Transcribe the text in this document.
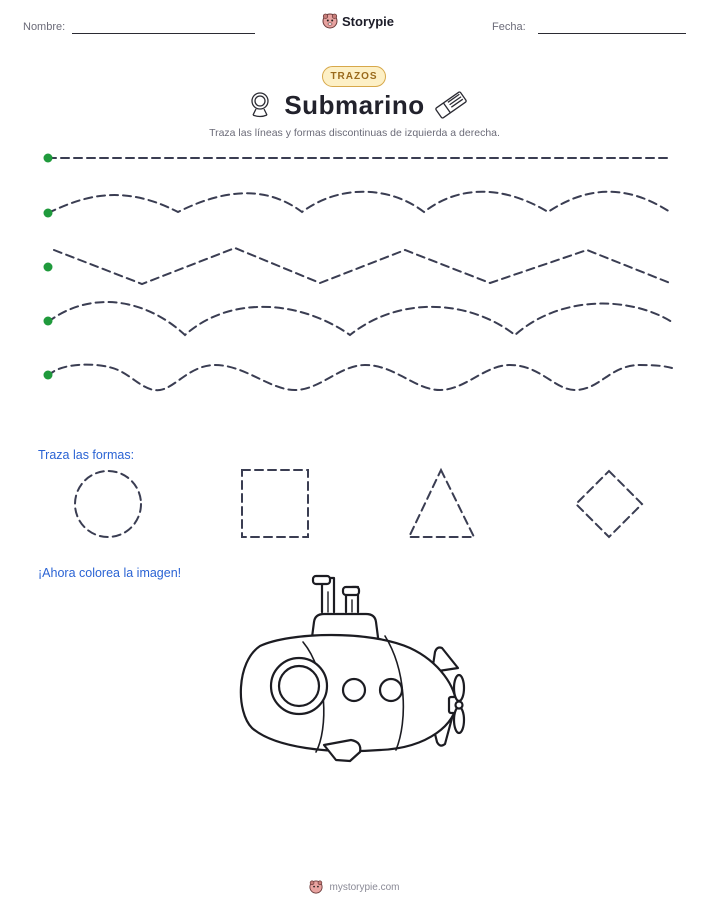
Nombre:	Storypie	Fecha:
TRAZOS
Submarino
Traza las líneas y formas discontinuas de izquierda a derecha.
Traza las formas:
¡Ahora colorea la imagen!
mystorypie.com
